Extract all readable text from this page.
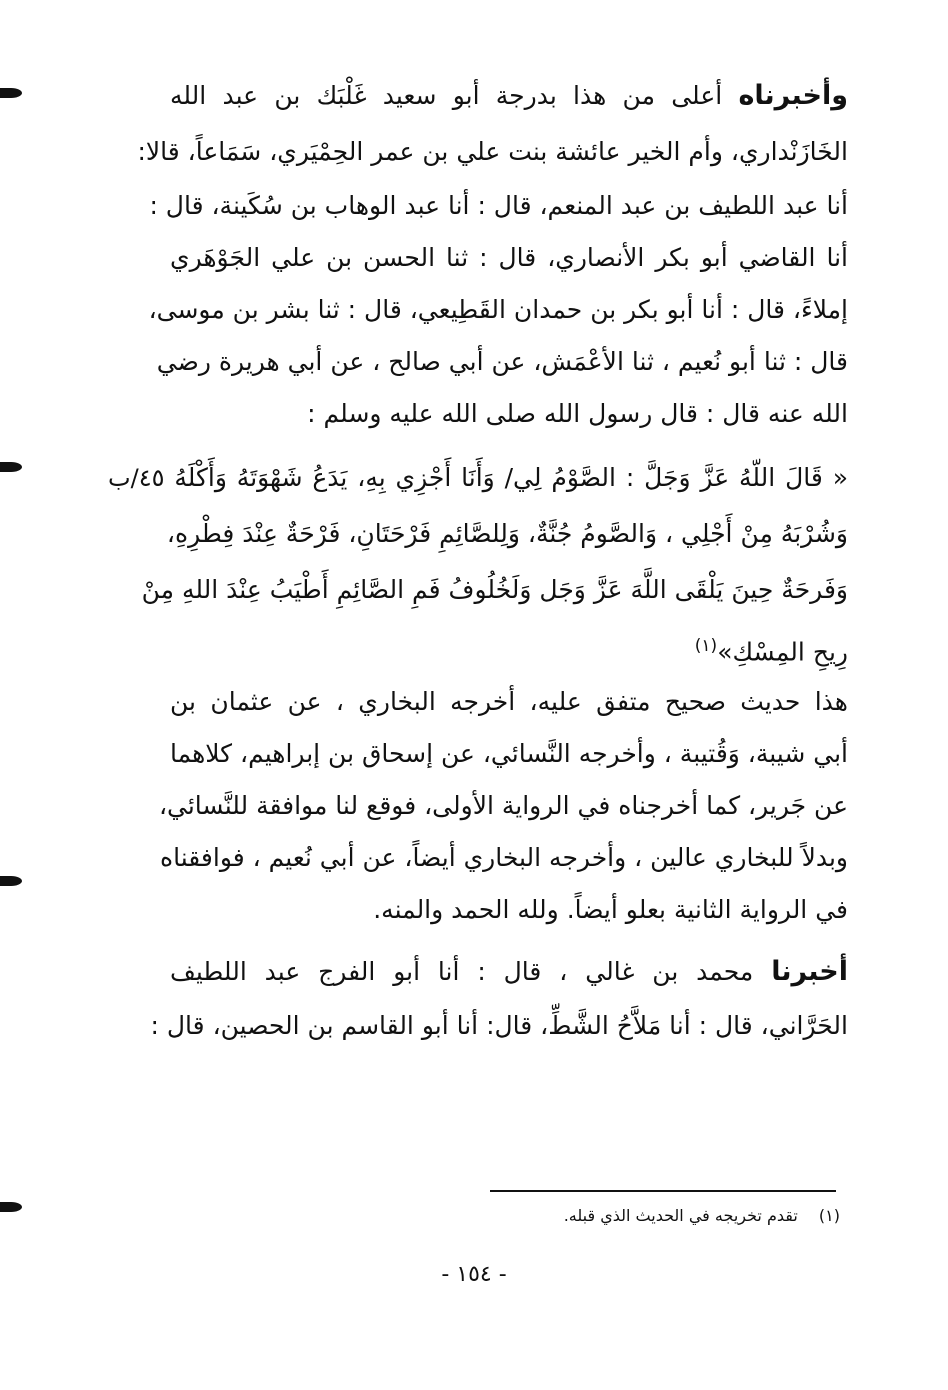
وأخبرناه أعلى من هذا بدرجة أبو سعيد غَلْبَك بن عبد الله
الخَازَنْداري، وأم الخير عائشة بنت علي بن عمر الحِمْيَري، سَمَاعاً، قالا:
أنا عبد اللطيف بن عبد المنعم، قال : أنا عبد الوهاب بن سُكَينة، قال :
أنا القاضي أبو بكر الأنصاري، قال : ثنا الحسن بن علي الجَوْهَري
إملاءً، قال : أنا أبو بكر بن حمدان القَطِيعي، قال : ثنا بشر بن موسى،
قال : ثنا أبو نُعيم ، ثنا الأعْمَش، عن أبي صالح ، عن أبي هريرة رضي
الله عنه قال : قال رسول الله صلى الله عليه وسلم :
« قَالَ اللّهُ عَزَّ وَجَلَّ : الصَّوْمُ لِي/ وَأَنَا أَجْزِي بِهِ، يَدَعُ شَهْوَتَهُ وَأَكْلَهُ ٤٥/ب
وَشُرْبَهُ مِنْ أَجْلِي ، وَالصَّومُ جُنَّةٌ، وَلِلصَّائِمِ فَرْحَتَانِ، فَرْحَةٌ عِنْدَ فِطْرِهِ،
وَفَرحَةٌ حِينَ يَلْقَى اللَّهَ عَزَّ وَجَل وَلَخُلُوفُ فَمِ الصَّائِمِ أَطْيَبُ عِنْدَ اللهِ مِنْ
رِيحِ المِسْكِ»$^{(١)}$
هذا حديث صحيح متفق عليه، أخرجه البخاري ، عن عثمان بن
أبي شيبة، وَقُتيبة ، وأخرجه النَّسائي، عن إسحاق بن إبراهيم، كلاهما
عن جَرير، كما أخرجناه في الرواية الأولى، فوقع لنا موافقة للنَّسائي،
وبدلاً للبخاري عالين ، وأخرجه البخاري أيضاً، عن أبي نُعيم ، فوافقناه
في الرواية الثانية بعلو أيضاً. ولله الحمد والمنه.
أخبرنا محمد بن غالي ، قال : أنا أبو الفرج عبد اللطيف
الحَرَّاني، قال : أنا مَلاَّحُ الشَّطِّ، قال: أنا أبو القاسم بن الحصين، قال :
(١) تقدم تخريجه في الحديث الذي قبله.
- ١٥٤ -
